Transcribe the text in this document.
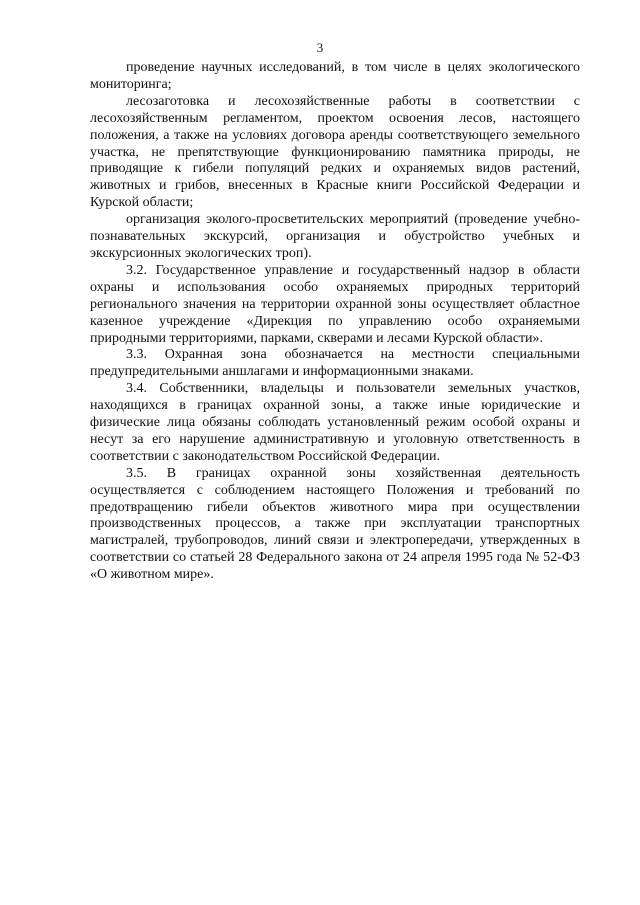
3

проведение научных исследований, в том числе в целях экологического мониторинга;

лесозаготовка и лесохозяйственные работы в соответствии с лесохозяйственным регламентом, проектом освоения лесов, настоящего положения, а также на условиях договора аренды соответствующего земельного участка, не препятствующие функционированию памятника природы, не приводящие к гибели популяций редких и охраняемых видов растений, животных и грибов, внесенных в Красные книги Российской Федерации и Курской области;

организация эколого-просветительских мероприятий (проведение учебно-познавательных экскурсий, организация и обустройство учебных и экскурсионных экологических троп).

3.2. Государственное управление и государственный надзор в области охраны и использования особо охраняемых природных территорий регионального значения на территории охранной зоны осуществляет областное казенное учреждение «Дирекция по управлению особо охраняемыми природными территориями, парками, скверами и лесами Курской области».

3.3. Охранная зона обозначается на местности специальными предупредительными аншлагами и информационными знаками.

3.4. Собственники, владельцы и пользователи земельных участков, находящихся в границах охранной зоны, а также иные юридические и физические лица обязаны соблюдать установленный режим особой охраны и несут за его нарушение административную и уголовную ответственность в соответствии с законодательством Российской Федерации.

3.5. В границах охранной зоны хозяйственная деятельность осуществляется с соблюдением настоящего Положения и требований по предотвращению гибели объектов животного мира при осуществлении производственных процессов, а также при эксплуатации транспортных магистралей, трубопроводов, линий связи и электропередачи, утвержденных в соответствии со статьей 28 Федерального закона от 24 апреля 1995 года № 52-ФЗ «О животном мире».
